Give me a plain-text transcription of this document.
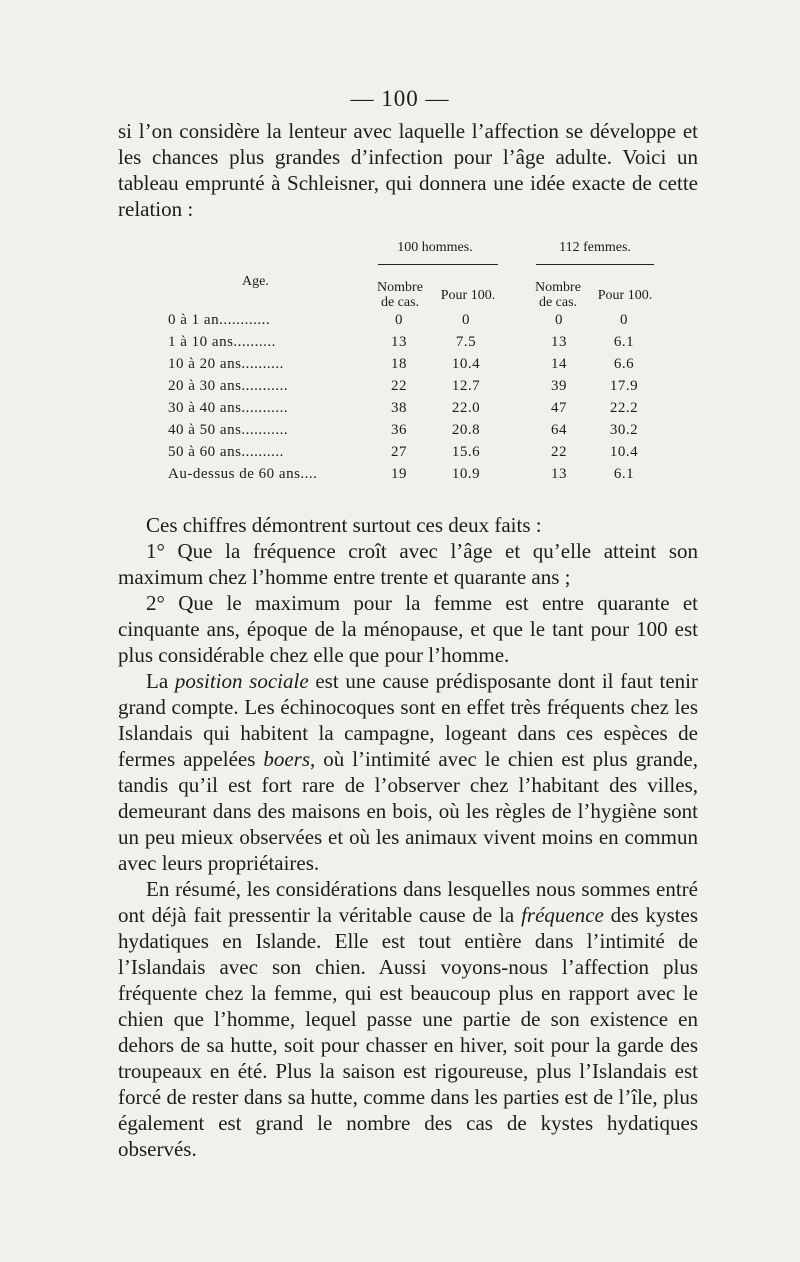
— 100 —

si l’on considère la lenteur avec laquelle l’affection se développe et les chances plus grandes d’infection pour l’âge adulte. Voici un tableau emprunté à Schleisner, qui donnera une idée exacte de cette relation :

100 hommes.	112 femmes.
Age.	Nombre de cas.	Pour 100.
Nombre de cas.	Pour 100.
0 à 1 an............	0	0	0	0
1 à 10 ans..........	13	7.5	13	6.1
10 à 20 ans..........	18	10.4	14	6.6
20 à 30 ans...........	22	12.7	39	17.9
30 à 40 ans...........	38	22.0	47	22.2
40 à 50 ans...........	36	20.8	64	30.2
50 à 60 ans..........	27	15.6	22	10.4
Au-dessus de 60 ans....	19	10.9	13	6.1
Ces chiffres démontrent surtout ces deux faits :
1° Que la fréquence croît avec l’âge et qu’elle atteint son maximum chez l’homme entre trente et quarante ans ;
2° Que le maximum pour la femme est entre quarante et cinquante ans, époque de la ménopause, et que le tant pour 100 est plus considérable chez elle que pour l’homme.
La position sociale est une cause prédisposante dont il faut tenir grand compte. Les échinocoques sont en effet très fréquents chez les Islandais qui habitent la campagne, logeant dans ces espèces de fermes appelées boers, où l’intimité avec le chien est plus grande, tandis qu’il est fort rare de l’observer chez l’habitant des villes, demeurant dans des maisons en bois, où les règles de l’hygiène sont un peu mieux observées et où les animaux vivent moins en commun avec leurs propriétaires.
En résumé, les considérations dans lesquelles nous sommes entré ont déjà fait pressentir la véritable cause de la fréquence des kystes hydatiques en Islande. Elle est tout entière dans l’intimité de l’Islandais avec son chien. Aussi voyons-nous l’affection plus fréquente chez la femme, qui est beaucoup plus en rapport avec le chien que l’homme, lequel passe une partie de son existence en dehors de sa hutte, soit pour chasser en hiver, soit pour la garde des troupeaux en été. Plus la saison est rigoureuse, plus l’Islandais est forcé de rester dans sa hutte, comme dans les parties est de l’île, plus également est grand le nombre des cas de kystes hydatiques observés.
